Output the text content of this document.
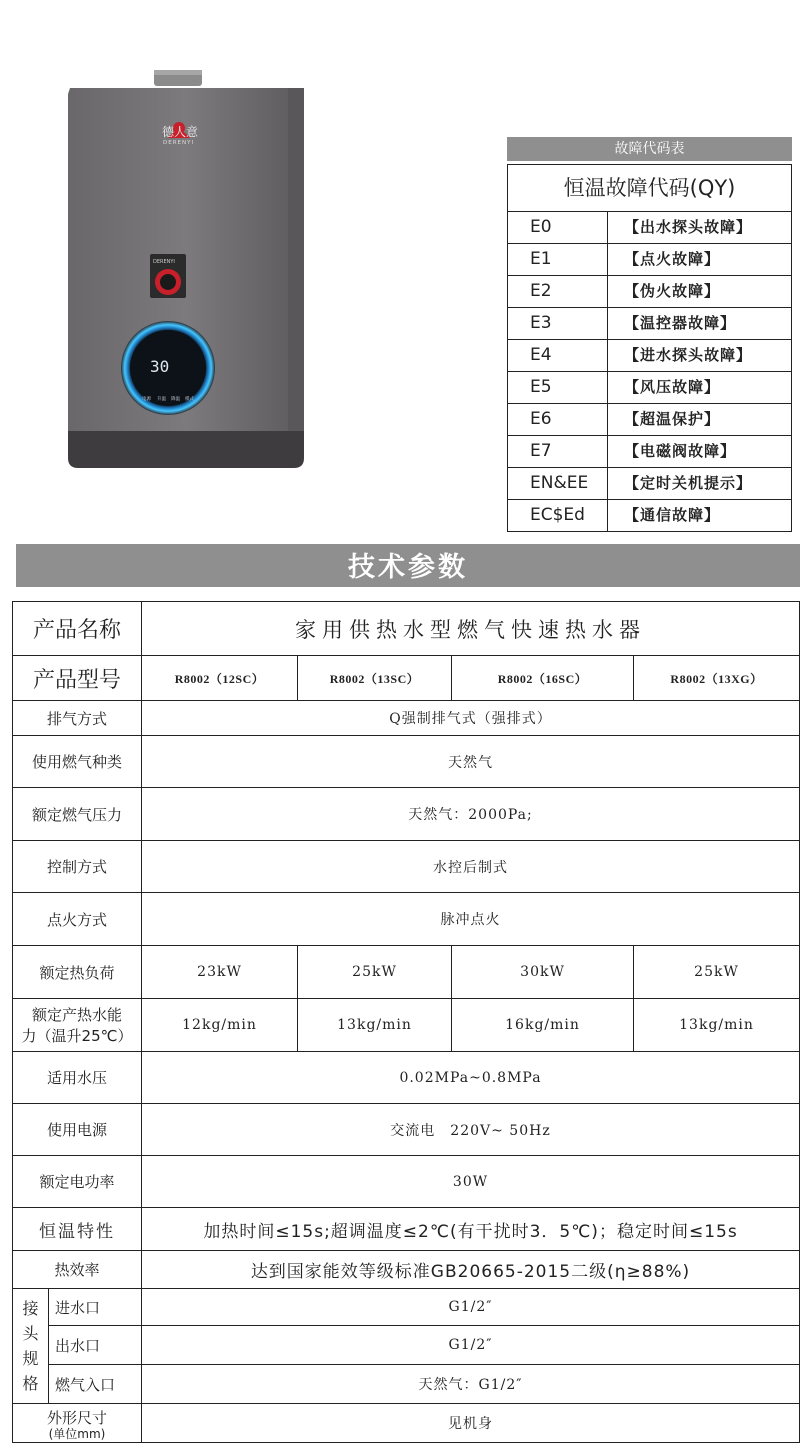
德人意
DERENYI
DERENYI
30
电源 升温 降温 模式
故障代码表
恒温故障代码(QY)
E0	【出水探头故障】
E1	【点火故障】
E2	【伪火故障】
E3	【温控器故障】
E4	【进水探头故障】
E5	【风压故障】
E6	【超温保护】
E7	【电磁阀故障】
EN&EE	【定时关机提示】
EC$Ed	【通信故障】
技术参数
产品名称		家用供热水型燃气快速热水器			
产品型号		R8002（12SC）	R8002（13SC）	R8002（16SC）	R8002（13XG）
排气方式		Q强制排气式（强排式）			
使用燃气种类		天然气			
额定燃气压力		天然气：2000Pa;			
控制方式		水控后制式			
点火方式		脉冲点火			
额定热负荷		23kW	25kW	30kW	25kW
额定产热水能
力（温升25℃）		12kg/min	13kg/min	16kg/min	13kg/min
适用水压		0.02MPa~0.8MPa			
使用电源		交流电　220V~ 50Hz			
额定电功率		30W			
恒温特性		加热时间≤15s;超调温度≤2℃(有干扰时3．5℃)；稳定时间≤15s			
热效率		达到国家能效等级标准GB20665-2015二级(η≥88%)			
接
头
规
格	进水口	G1/2″			
	出水口	G1/2″			
	燃气入口	天然气：G1/2″			
外形尺寸
(单位mm)		见机身			
